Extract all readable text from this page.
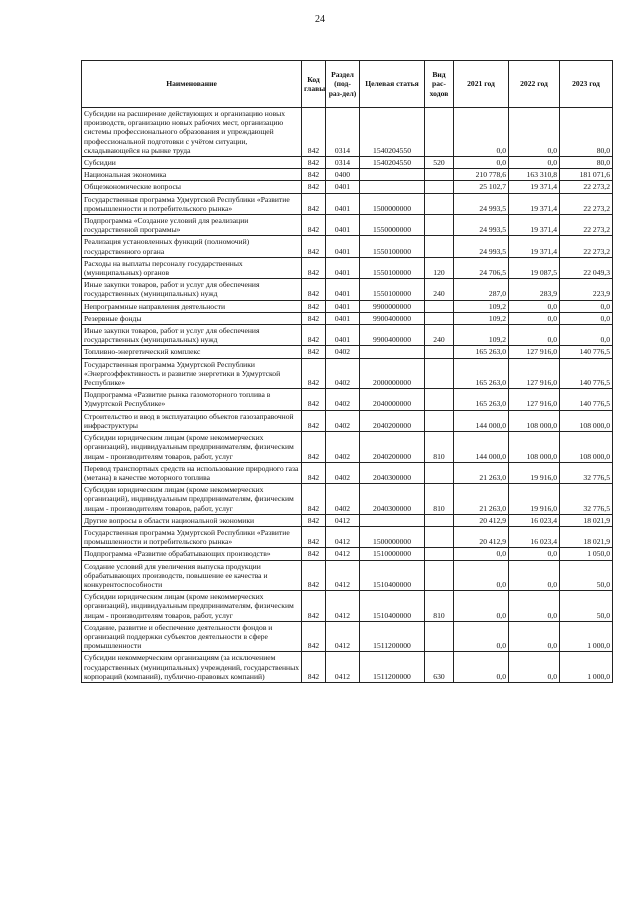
24
Наименование	Код главы	Раздел (под-раз-дел)	Целевая статья	Вид рас-ходов	2021 год	2022 год	2023 год
Субсидии на расширение действующих и организацию новых производств, организацию новых рабочих мест, организацию системы профессионального образования и упреждающей профессиональной подготовки с учётом ситуации, складывающейся на рынке труда	842	0314	1540204550		0,0	0,0	80,0
Субсидии	842	0314	1540204550	520	0,0	0,0	80,0
Национальная экономика	842	0400			210 778,6	163 310,8	181 071,6
Общеэкономические вопросы	842	0401			25 102,7	19 371,4	22 273,2
Государственная программа Удмуртской Республики «Развитие промышленности и потребительского рынка»	842	0401	1500000000		24 993,5	19 371,4	22 273,2
Подпрограмма «Создание условий для реализации государственной программы»	842	0401	1550000000		24 993,5	19 371,4	22 273,2
Реализация установленных функций (полномочий) государственного органа	842	0401	1550100000		24 993,5	19 371,4	22 273,2
Расходы на выплаты персоналу государственных (муниципальных) органов	842	0401	1550100000	120	24 706,5	19 087,5	22 049,3
Иные закупки товаров, работ и услуг для обеспечения государственных (муниципальных) нужд	842	0401	1550100000	240	287,0	283,9	223,9
Непрограммные направления деятельности	842	0401	9900000000		109,2	0,0	0,0
Резервные фонды	842	0401	9900400000		109,2	0,0	0,0
Иные закупки товаров, работ и услуг для обеспечения государственных (муниципальных) нужд	842	0401	9900400000	240	109,2	0,0	0,0
Топливно-энергетический комплекс	842	0402			165 263,0	127 916,0	140 776,5
Государственная программа Удмуртской Республики «Энергоэффективность и развитие энергетики в Удмуртской Республике»	842	0402	2000000000		165 263,0	127 916,0	140 776,5
Подпрограмма «Развитие рынка газомоторного топлива в Удмуртской Республике»	842	0402	2040000000		165 263,0	127 916,0	140 776,5
Строительство и ввод в эксплуатацию объектов газозаправочной инфраструктуры	842	0402	2040200000		144 000,0	108 000,0	108 000,0
Субсидии юридическим лицам (кроме некоммерческих организаций), индивидуальным предпринимателям, физическим лицам - производителям товаров, работ, услуг	842	0402	2040200000	810	144 000,0	108 000,0	108 000,0
Перевод транспортных средств на использование природного газа (метана) в качестве моторного топлива	842	0402	2040300000		21 263,0	19 916,0	32 776,5
Субсидии юридическим лицам (кроме некоммерческих организаций), индивидуальным предпринимателям, физическим лицам - производителям товаров, работ, услуг	842	0402	2040300000	810	21 263,0	19 916,0	32 776,5
Другие вопросы в области национальной экономики	842	0412			20 412,9	16 023,4	18 021,9
Государственная программа Удмуртской Республики «Развитие промышленности и потребительского рынка»	842	0412	1500000000		20 412,9	16 023,4	18 021,9
Подпрограмма «Развитие обрабатывающих производств»	842	0412	1510000000		0,0	0,0	1 050,0
Создание условий для увеличения выпуска продукции обрабатывающих производств, повышение ее качества и конкурентоспособности	842	0412	1510400000		0,0	0,0	50,0
Субсидии юридическим лицам (кроме некоммерческих организаций), индивидуальным предпринимателям, физическим лицам - производителям товаров, работ, услуг	842	0412	1510400000	810	0,0	0,0	50,0
Создание, развитие и обеспечение деятельности фондов и организаций поддержки субъектов деятельности в сфере промышленности	842	0412	1511200000		0,0	0,0	1 000,0
Субсидии некоммерческим организациям (за исключением государственных (муниципальных) учреждений, государственных корпораций (компаний), публично-правовых компаний)	842	0412	1511200000	630	0,0	0,0	1 000,0
